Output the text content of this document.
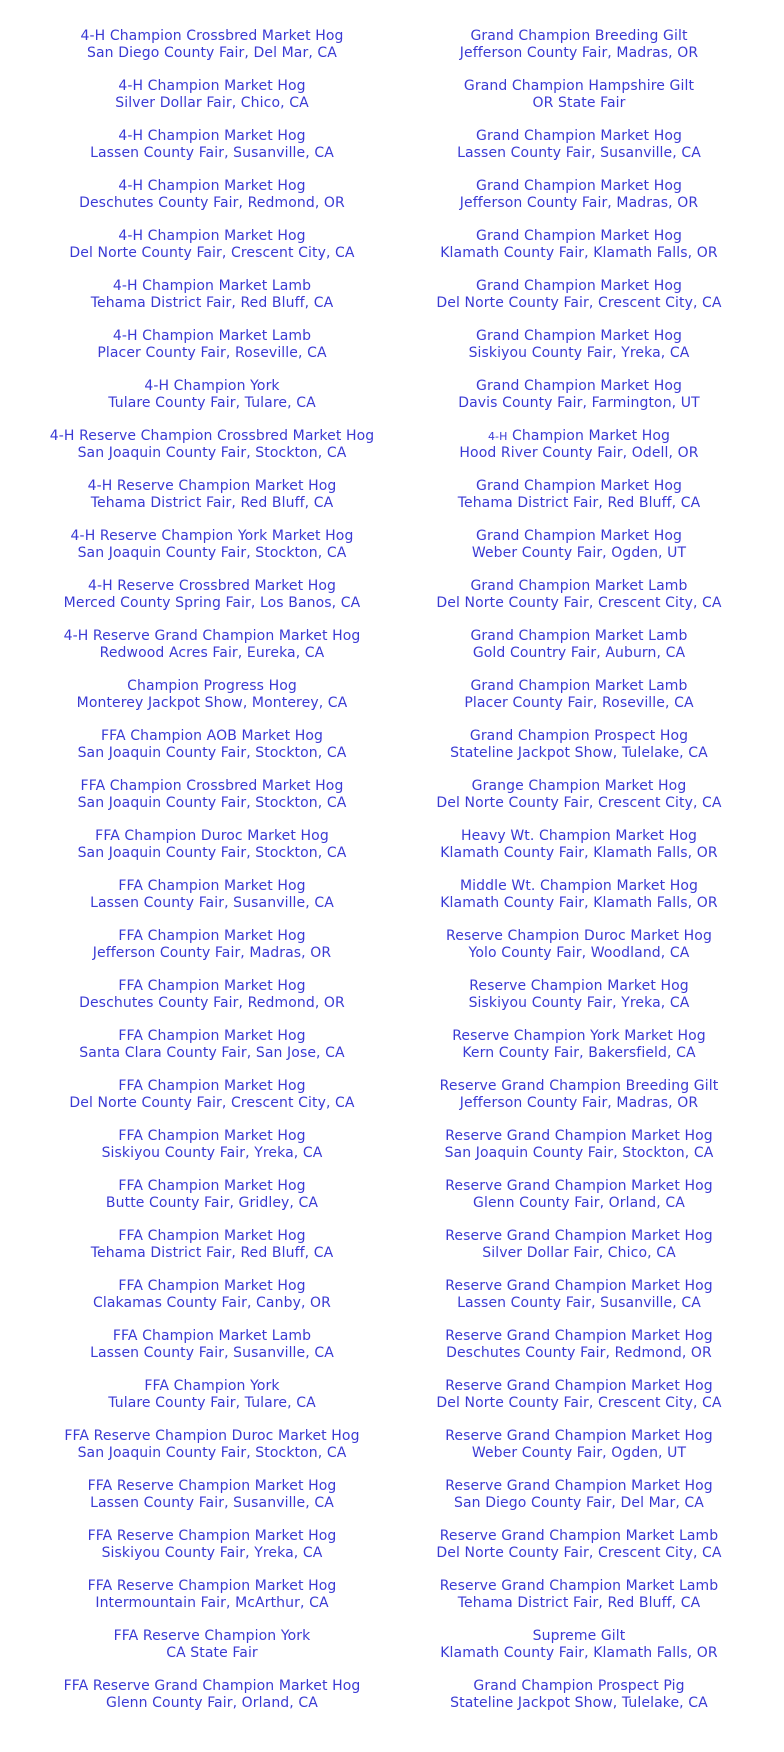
4-H Champion Crossbred Market Hog
San Diego County Fair, Del Mar, CA
4-H Champion Market Hog
Silver Dollar Fair, Chico, CA
4-H Champion Market Hog
Lassen County Fair, Susanville, CA
4-H Champion Market Hog
Deschutes County Fair, Redmond, OR
4-H Champion Market Hog
Del Norte County Fair, Crescent City, CA
4-H Champion Market Lamb
Tehama District Fair, Red Bluff, CA
4-H Champion Market Lamb
Placer County Fair, Roseville, CA
4-H Champion York
Tulare County Fair, Tulare, CA
4-H Reserve Champion Crossbred Market Hog
San Joaquin County Fair, Stockton, CA
4-H Reserve Champion Market Hog
Tehama District Fair, Red Bluff, CA
4-H Reserve Champion York Market Hog
San Joaquin County Fair, Stockton, CA
4-H Reserve Crossbred Market Hog
Merced County Spring Fair, Los Banos, CA
4-H Reserve Grand Champion Market Hog
Redwood Acres Fair, Eureka, CA
Champion Progress Hog
Monterey Jackpot Show, Monterey, CA
FFA Champion AOB Market Hog
San Joaquin County Fair, Stockton, CA
FFA Champion Crossbred Market Hog
San Joaquin County Fair, Stockton, CA
FFA Champion Duroc Market Hog
San Joaquin County Fair, Stockton, CA
FFA Champion Market Hog
Lassen County Fair, Susanville, CA
FFA Champion Market Hog
Jefferson County Fair, Madras, OR
FFA Champion Market Hog
Deschutes County Fair, Redmond, OR
FFA Champion Market Hog
Santa Clara County Fair, San Jose, CA
FFA Champion Market Hog
Del Norte County Fair, Crescent City, CA
FFA Champion Market Hog
Siskiyou County Fair, Yreka, CA
FFA Champion Market Hog
Butte County Fair, Gridley, CA
FFA Champion Market Hog
Tehama District Fair, Red Bluff, CA
FFA Champion Market Hog
Clakamas County Fair, Canby, OR
FFA Champion Market Lamb
Lassen County Fair, Susanville, CA
FFA Champion York
Tulare County Fair, Tulare, CA
FFA Reserve Champion Duroc Market Hog
San Joaquin County Fair, Stockton, CA
FFA Reserve Champion Market Hog
Lassen County Fair, Susanville, CA
FFA Reserve Champion Market Hog
Siskiyou County Fair, Yreka, CA
FFA Reserve Champion Market Hog
Intermountain Fair, McArthur, CA
FFA Reserve Champion York
CA State Fair
FFA Reserve Grand Champion Market Hog
Glenn County Fair, Orland, CA
Grand Champion Breeding Gilt
Jefferson County Fair, Madras, OR
Grand Champion Hampshire Gilt
OR State Fair
Grand Champion Market Hog
Lassen County Fair, Susanville, CA
Grand Champion Market Hog
Jefferson County Fair, Madras, OR
Grand Champion Market Hog
Klamath County Fair, Klamath Falls, OR
Grand Champion Market Hog
Del Norte County Fair, Crescent City, CA
Grand Champion Market Hog
Siskiyou County Fair, Yreka, CA
Grand Champion Market Hog
Davis County Fair, Farmington, UT
4-H Champion Market Hog
Hood River County Fair, Odell, OR
Grand Champion Market Hog
Tehama District Fair, Red Bluff, CA
Grand Champion Market Hog
Weber County Fair, Ogden, UT
Grand Champion Market Lamb
Del Norte County Fair, Crescent City, CA
Grand Champion Market Lamb
Gold Country Fair, Auburn, CA
Grand Champion Market Lamb
Placer County Fair, Roseville, CA
Grand Champion Prospect Hog
Stateline Jackpot Show, Tulelake, CA
Grange Champion Market Hog
Del Norte County Fair, Crescent City, CA
Heavy Wt. Champion Market Hog
Klamath County Fair, Klamath Falls, OR
Middle Wt. Champion Market Hog
Klamath County Fair, Klamath Falls, OR
Reserve Champion Duroc Market Hog
Yolo County Fair, Woodland, CA
Reserve Champion Market Hog
Siskiyou County Fair, Yreka, CA
Reserve Champion York Market Hog
Kern County Fair, Bakersfield, CA
Reserve Grand Champion Breeding Gilt
Jefferson County Fair, Madras, OR
Reserve Grand Champion Market Hog
San Joaquin County Fair, Stockton, CA
Reserve Grand Champion Market Hog
Glenn County Fair, Orland, CA
Reserve Grand Champion Market Hog
Silver Dollar Fair, Chico, CA
Reserve Grand Champion Market Hog
Lassen County Fair, Susanville, CA
Reserve Grand Champion Market Hog
Deschutes County Fair, Redmond, OR
Reserve Grand Champion Market Hog
Del Norte County Fair, Crescent City, CA
Reserve Grand Champion Market Hog
Weber County Fair, Ogden, UT
Reserve Grand Champion Market Hog
San Diego County Fair, Del Mar, CA
Reserve Grand Champion Market Lamb
Del Norte County Fair, Crescent City, CA
Reserve Grand Champion Market Lamb
Tehama District Fair, Red Bluff, CA
Supreme Gilt
Klamath County Fair, Klamath Falls, OR
Grand Champion Prospect Pig
Stateline Jackpot Show, Tulelake, CA
